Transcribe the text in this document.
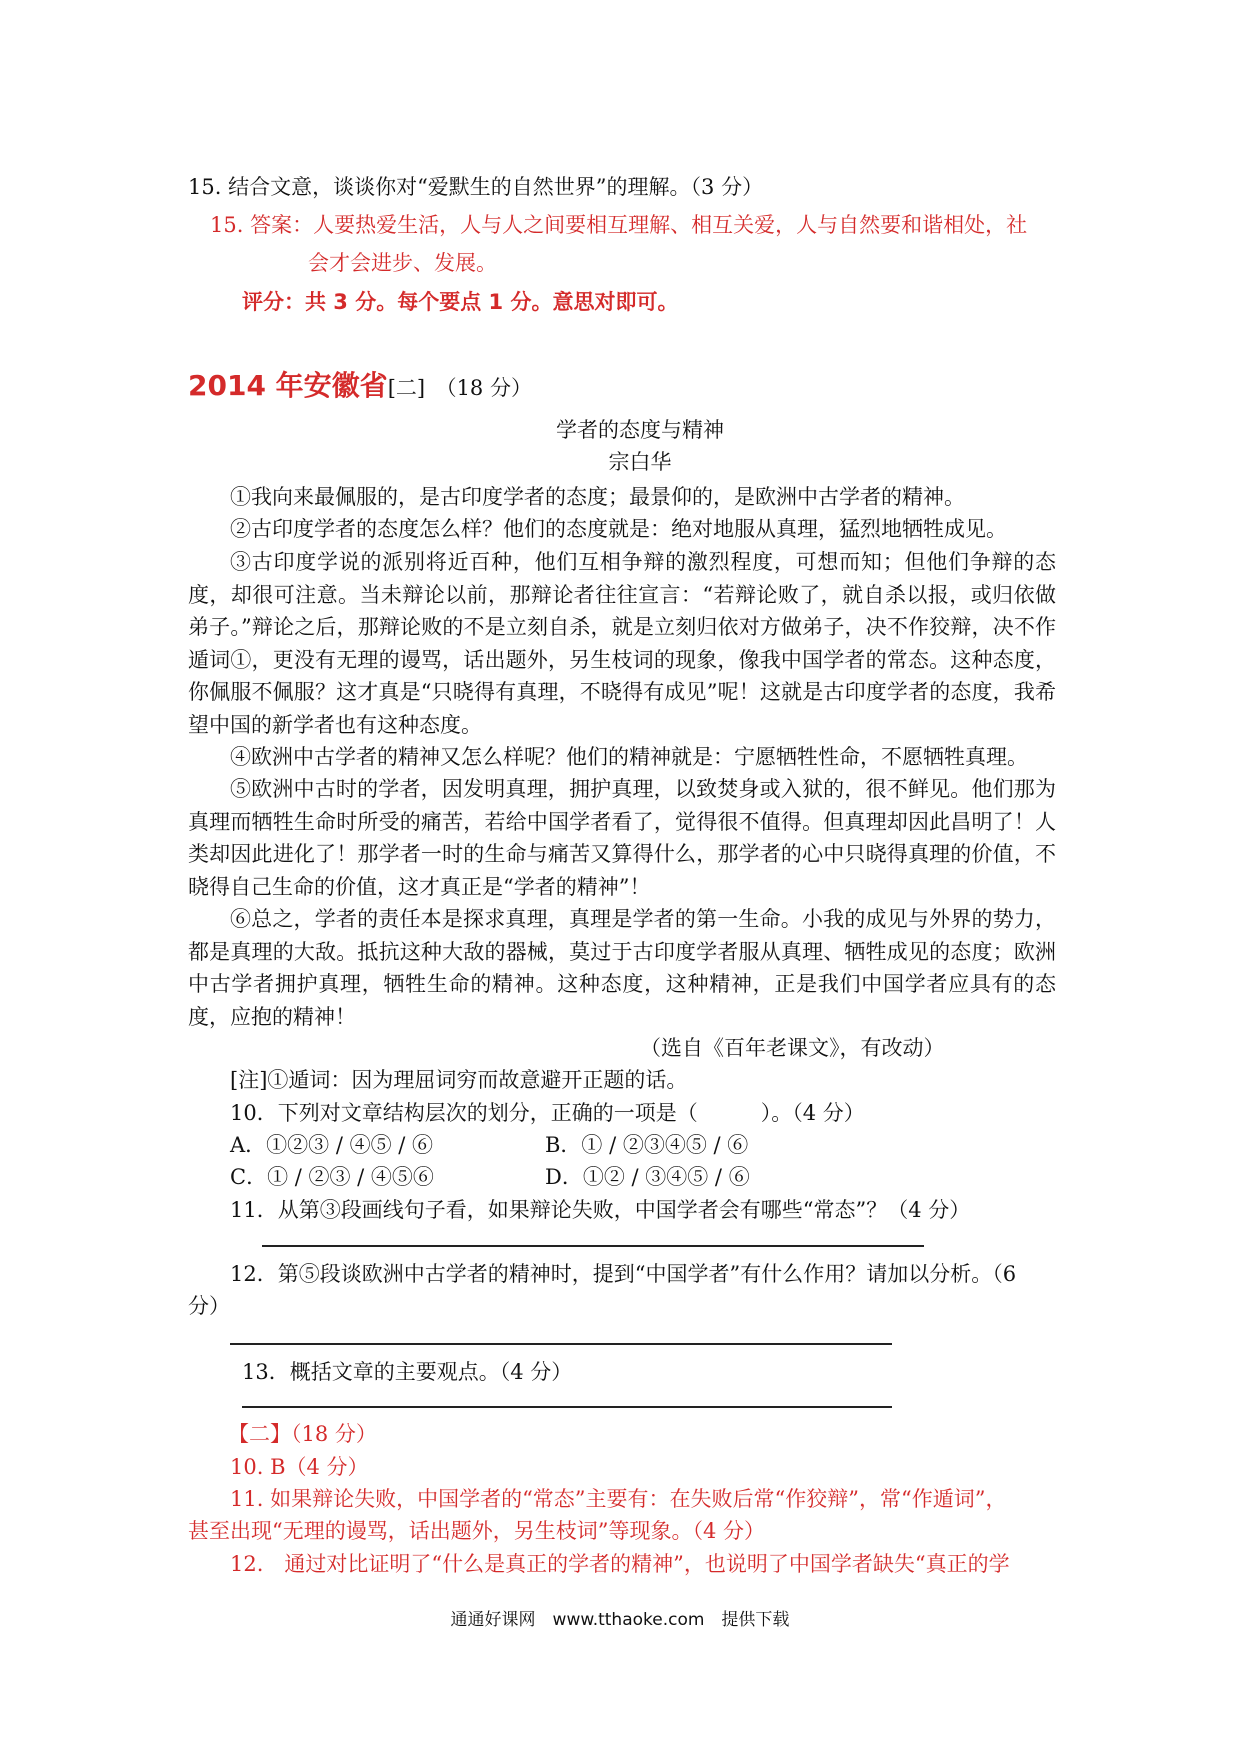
15. 结合文意，谈谈你对“爱默生的自然世界”的理解。（3 分）
15. 答案：人要热爱生活，人与人之间要相互理解、相互关爱，人与自然要和谐相处，社
会才会进步、发展。
评分：共 3 分。每个要点 1 分。意思对即可。
2014 年安徽省[二]　（18 分）
学者的态度与精神
宗白华

①我向来最佩服的，是古印度学者的态度；最景仰的，是欧洲中古学者的精神。

②古印度学者的态度怎么样？他们的态度就是：绝对地服从真理，猛烈地牺牲成见。

③古印度学说的派别将近百种，他们互相争辩的激烈程度，可想而知；但他们争辩的态度，却很可注意。当未辩论以前，那辩论者往往宣言：“若辩论败了，就自杀以报，或归依做弟子。”辩论之后，那辩论败的不是立刻自杀，就是立刻归依对方做弟子，决不作狡辩，决不作遁词①，更没有无理的谩骂，话出题外，另生枝词的现象，像我中国学者的常态。这种态度，你佩服不佩服？这才真是“只晓得有真理，不晓得有成见”呢！这就是古印度学者的态度，我希望中国的新学者也有这种态度。

④欧洲中古学者的精神又怎么样呢？他们的精神就是：宁愿牺牲性命，不愿牺牲真理。

⑤欧洲中古时的学者，因发明真理，拥护真理，以致焚身或入狱的，很不鲜见。他们那为真理而牺牲生命时所受的痛苦，若给中国学者看了，觉得很不值得。但真理却因此昌明了！人类却因此进化了！那学者一时的生命与痛苦又算得什么，那学者的心中只晓得真理的价值，不晓得自己生命的价值，这才真正是“学者的精神”！

⑥总之，学者的责任本是探求真理，真理是学者的第一生命。小我的成见与外界的势力，都是真理的大敌。抵抗这种大敌的器械，莫过于古印度学者服从真理、牺牲成见的态度；欧洲中古学者拥护真理，牺牲生命的精神。这种态度，这种精神，正是我们中国学者应具有的态度，应抱的精神！

（选自《百年老课文》，有改动）
[注]①遁词：因为理屈词穷而故意避开正题的话。
10．下列对文章结构层次的划分，正确的一项是（　　　）。（4 分）
A．①②③ / ④⑤ / ⑥	B．① / ②③④⑤ / ⑥
C．① / ②③ / ④⑤⑥	D．①② / ③④⑤ / ⑥
11．从第③段画线句子看，如果辩论失败，中国学者会有哪些“常态”？（4 分）
12．第⑤段谈欧洲中古学者的精神时，提到“中国学者”有什么作用？请加以分析。（6
分）
13．概括文章的主要观点。（4 分）
【二】（18 分）
10. B（4 分）
11. 如果辩论失败，中国学者的“常态”主要有：在失败后常“作狡辩”，常“作遁词”，
甚至出现“无理的谩骂，话出题外，另生枝词”等现象。（4 分）
12.　通过对比证明了“什么是真正的学者的精神”，也说明了中国学者缺失“真正的学
通通好课网　www.tthaoke.com　提供下载
